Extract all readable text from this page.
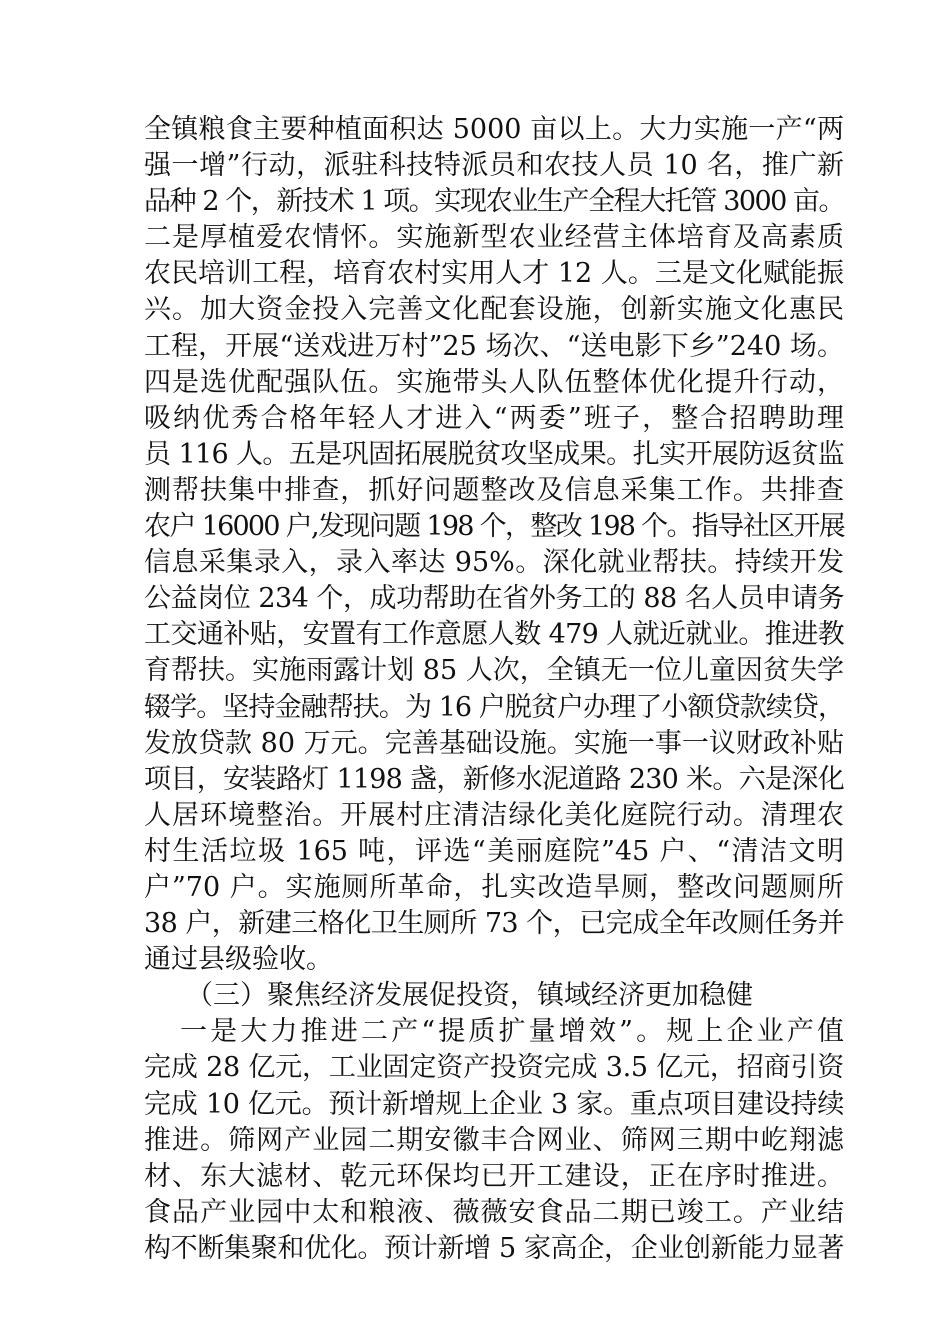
全镇粮食主要种植面积达 5000 亩以上。大力实施一产“两
强一增”行动，派驻科技特派员和农技人员 10 名，推广新
品种 2 个，新技术 1 项。实现农业生产全程大托管 3000 亩。
二是厚植爱农情怀。实施新型农业经营主体培育及高素质
农民培训工程，培育农村实用人才 12 人。三是文化赋能振
兴。加大资金投入完善文化配套设施，创新实施文化惠民
工程，开展“送戏进万村”25 场次、“送电影下乡”240 场。
四是选优配强队伍。实施带头人队伍整体优化提升行动，
吸纳优秀合格年轻人才进入“两委”班子，整合招聘助理
员 116 人。五是巩固拓展脱贫攻坚成果。扎实开展防返贫监
测帮扶集中排查，抓好问题整改及信息采集工作。共排查
农户 16000 户,发现问题 198 个，整改 198 个。指导社区开展
信息采集录入，录入率达 95%。深化就业帮扶。持续开发
公益岗位 234 个，成功帮助在省外务工的 88 名人员申请务
工交通补贴，安置有工作意愿人数 479 人就近就业。推进教
育帮扶。实施雨露计划 85 人次，全镇无一位儿童因贫失学
辍学。坚持金融帮扶。为 16 户脱贫户办理了小额贷款续贷，
发放贷款 80 万元。完善基础设施。实施一事一议财政补贴
项目，安装路灯 1198 盏，新修水泥道路 230 米。六是深化
人居环境整治。开展村庄清洁绿化美化庭院行动。清理农
村生活垃圾 165 吨，评选“美丽庭院”45 户、“清洁文明
户”70 户。实施厕所革命，扎实改造旱厕，整改问题厕所
38 户，新建三格化卫生厕所 73 个，已完成全年改厕任务并
通过县级验收。
（三）聚焦经济发展促投资，镇域经济更加稳健
一是大力推进二产“提质扩量增效”。规上企业产值
完成 28 亿元，工业固定资产投资完成 3.5 亿元，招商引资
完成 10 亿元。预计新增规上企业 3 家。重点项目建设持续
推进。筛网产业园二期安徽丰合网业、筛网三期中屹翔滤
材、东大滤材、乾元环保均已开工建设，正在序时推进。
食品产业园中太和粮液、薇薇安食品二期已竣工。产业结
构不断集聚和优化。预计新增 5 家高企，企业创新能力显著
